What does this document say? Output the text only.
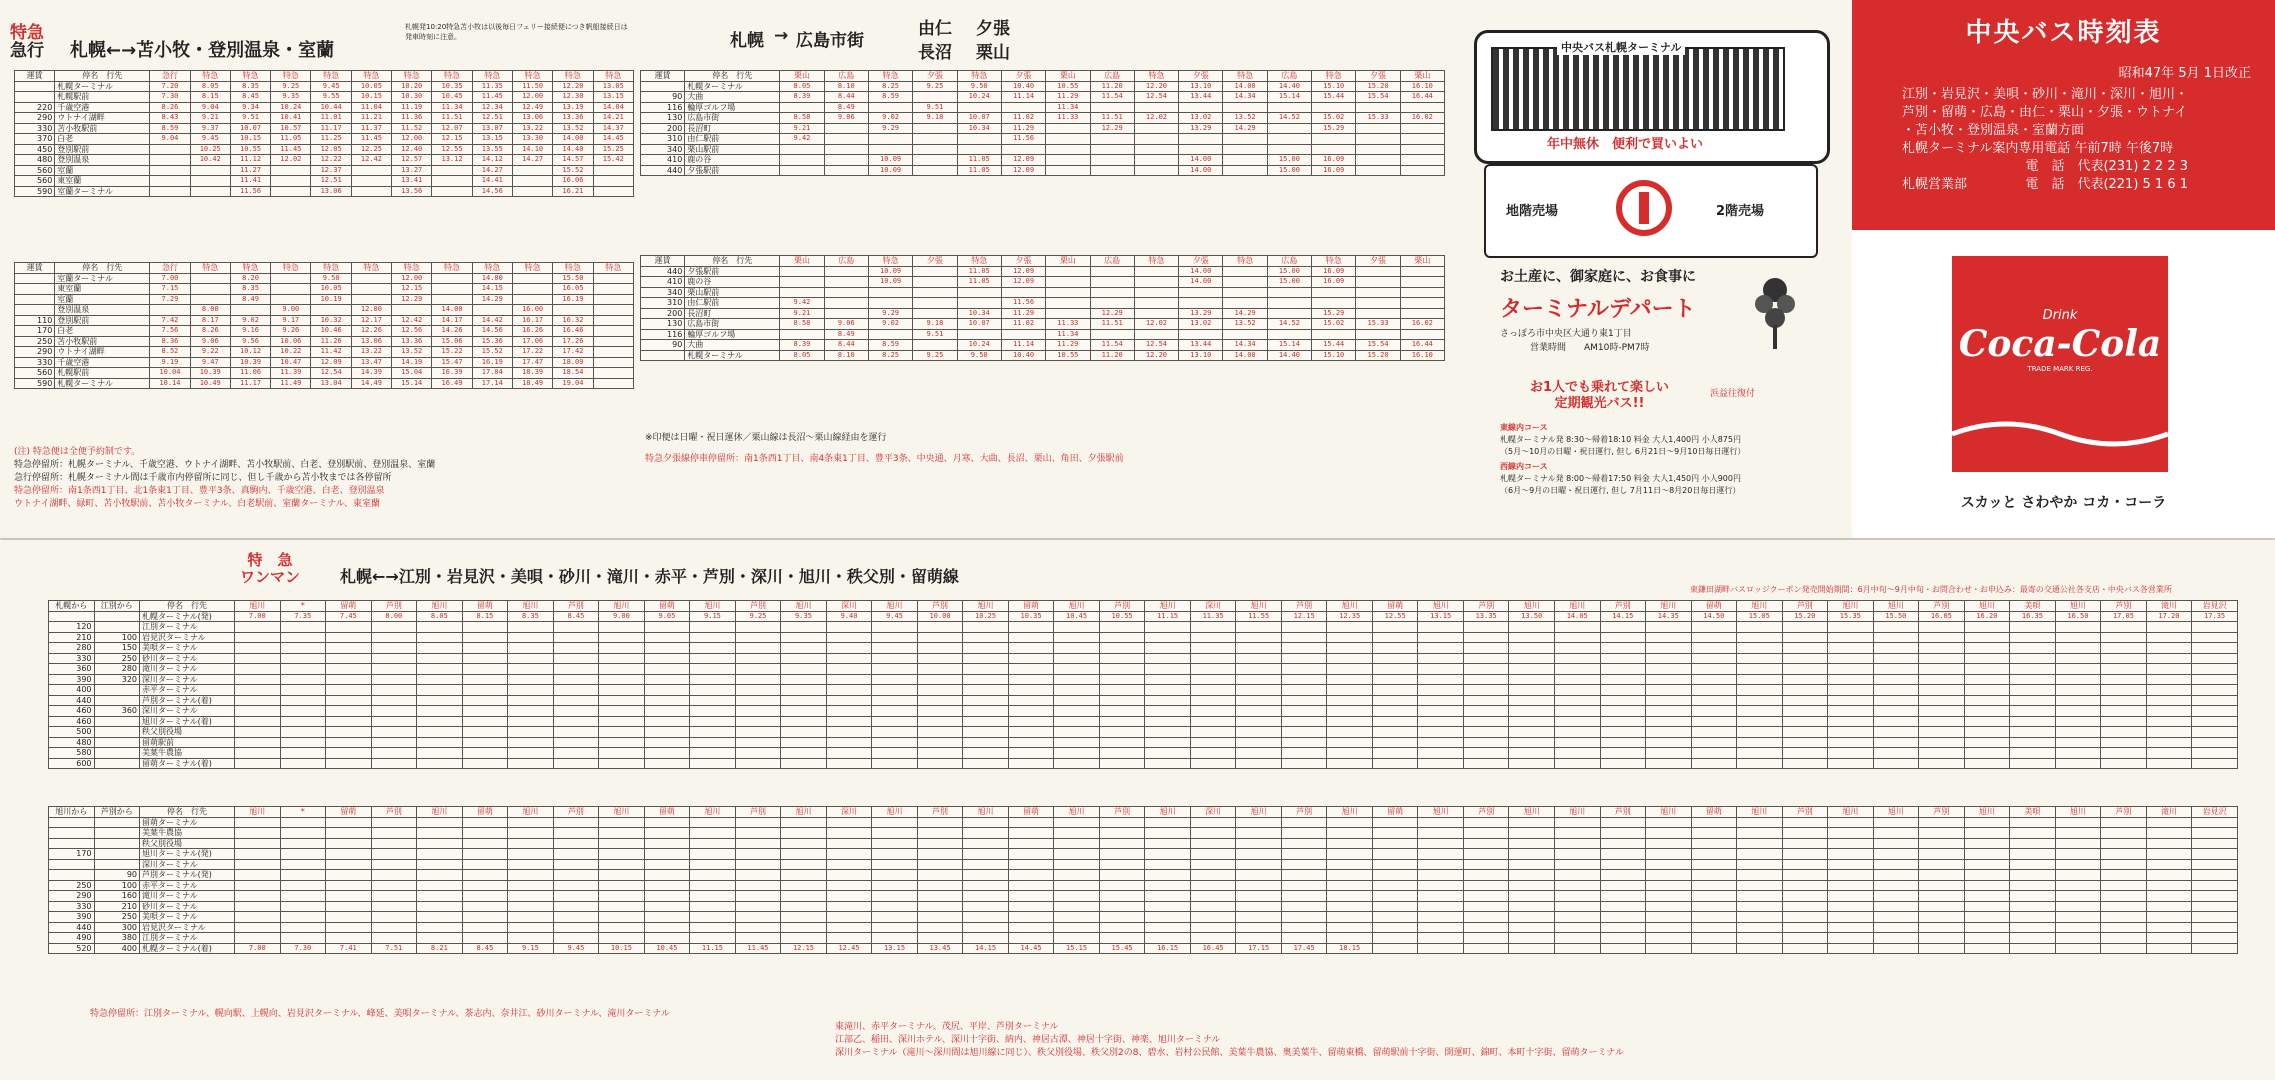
特急
急行 札幌←→苫小牧・登別温泉・室蘭
札幌発10:20特急苫小牧は以後毎日フェリー接続便につき帆船接続日は発車時刻に注意。
運賃	停名　行先	急行	特急	特急	特急	特急	特急	特急	特急	特急	特急	特急	特急
	札幌ターミナル	7.20	8.05	8.35	9.25	9.45	10.05	10.20	10.35	11.35	11.50	12.20	13.05
	札幌駅前	7.30	8.15	8.45	9.35	9.55	10.15	10.30	10.45	11.45	12.00	12.30	13.15
220	千歳空港	8.26	9.04	9.34	10.24	10.44	11.04	11.19	11.34	12.34	12.49	13.19	14.04
290	ウトナイ湖畔	8.43	9.21	9.51	10.41	11.01	11.21	11.36	11.51	12.51	13.06	13.36	14.21
330	苫小牧駅前	8.59	9.37	10.07	10.57	11.17	11.37	11.52	12.07	13.07	13.22	13.52	14.37
370	白老	9.04	9.45	10.15	11.05	11.25	11.45	12.00	12.15	13.15	13.30	14.00	14.45
450	登別駅前		10.25	10.55	11.45	12.05	12.25	12.40	12.55	13.55	14.10	14.40	15.25
480	登別温泉		10.42	11.12	12.02	12.22	12.42	12.57	13.12	14.12	14.27	14.57	15.42
560	室蘭			11.27		12.37		13.27		14.27		15.52	
560	東室蘭			11.41		12.51		13.41		14.41		16.06	
590	室蘭ターミナル			11.56		13.06		13.56		14.56		16.21	
運賃	停名　行先	急行	特急	特急	特急	特急	特急	特急	特急	特急	特急	特急	特急
	室蘭ターミナル	7.00		8.20		9.50		12.00		14.00		15.50	
	東室蘭	7.15		8.35		10.05		12.15		14.15		16.05	
	室蘭	7.29		8.49		10.19		12.29		14.29		16.19	
	登別温泉		8.00		9.00		12.00		14.00		16.00		
110	登別駅前	7.42	8.17	9.02	9.17	10.32	12.17	12.42	14.17	14.42	16.17	16.32	
170	白老	7.56	8.26	9.16	9.26	10.46	12.26	12.56	14.26	14.56	16.26	16.46	
250	苫小牧駅前	8.36	9.06	9.56	10.06	11.26	13.06	13.36	15.06	15.36	17.06	17.26	
290	ウトナイ湖畔	8.52	9.22	10.12	10.22	11.42	13.22	13.52	15.22	15.52	17.22	17.42	
330	千歳空港	9.19	9.47	10.39	10.47	12.09	13.47	14.19	15.47	16.19	17.47	18.09	
560	札幌駅前	10.04	10.39	11.06	11.39	12.54	14.39	15.04	16.39	17.04	18.39	18.54	
590	札幌ターミナル	10.14	10.49	11.17	11.49	13.04	14.49	15.14	16.49	17.14	18.49	19.04	
(注) 特急便は全便予約制です。
特急停留所：札幌ターミナル、千歳空港、ウトナイ湖畔、苫小牧駅前、白老、登別駅前、登別温泉、室蘭
急行停留所：札幌ターミナル間は千歳市内停留所に同じ、但し千歳から苫小牧までは各停留所
特急停留所：南1条西1丁目、北1条東1丁目、豊平3条、真駒内、千歳空港、白老、登別温泉
ウトナイ湖畔、緑町、苫小牧駅前、苫小牧ターミナル、白老駅前、室蘭ターミナル、東室蘭
札幌 → 広島市街
由仁 夕張
長沼 栗山
運賃	停名　行先	栗山	広島	特急	夕張	特急	夕張	栗山	広島	特急	夕張	特急	広島	特急	夕張	栗山
	札幌ターミナル	8.05	8.10	8.25	9.25	9.50	10.40	10.55	11.20	12.20	13.10	14.00	14.40	15.10	15.20	16.10
90	大曲	8.39	8.44	8.59		10.24	11.14	11.29	11.54	12.54	13.44	14.34	15.14	15.44	15.54	16.44
116	輪厚ゴルフ場		8.49		9.51			11.34								
130	広島市街	8.58	9.06	9.02	9.18	10.07	11.02	11.33	11.51	12.02	13.02	13.52	14.52	15.02	15.33	16.02
200	長沼町	9.21		9.29		10.34	11.29		12.29		13.29	14.29		15.29		
310	由仁駅前	9.42					11.56									
340	栗山駅前															
410	鹿の谷			10.09		11.05	12.09				14.00		15.00	16.09		
440	夕張駅前			10.09		11.05	12.09				14.00		15.00	16.09		
運賃	停名　行先	栗山	広島	特急	夕張	特急	夕張	栗山	広島	特急	夕張	特急	広島	特急	夕張	栗山
440	夕張駅前			10.09		11.05	12.09				14.00		15.00	16.09		
410	鹿の谷			10.09		11.05	12.09				14.00		15.00	16.09		
340	栗山駅前															
310	由仁駅前	9.42					11.56									
200	長沼町	9.21		9.29		10.34	11.29		12.29		13.29	14.29		15.29		
130	広島市街	8.58	9.06	9.02	9.18	10.07	11.02	11.33	11.51	12.02	13.02	13.52	14.52	15.02	15.33	16.02
116	輪厚ゴルフ場		8.49		9.51			11.34								
90	大曲	8.39	8.44	8.59		10.24	11.14	11.29	11.54	12.54	13.44	14.34	15.14	15.44	15.54	16.44
	札幌ターミナル	8.05	8.10	8.25	9.25	9.50	10.40	10.55	11.20	12.20	13.10	14.00	14.40	15.10	15.20	16.10
※印便は日曜・祝日運休／栗山線は長沼〜栗山線経由を運行
特急夕張線停車停留所：南1条西1丁目、南4条東1丁目、豊平3条、中央通、月寒、大曲、長沼、栗山、角田、夕張駅前
中央バス札幌ターミナル
年中無休　便利で買いよい
地階売場	2階売場
お土産に、御家庭に、お食事に
ターミナルデパート
さっぽろ市中央区大通り東1丁目
営業時間　　AM10時-PM7時
お1人でも乗れて楽しい
定期観光バス!!
浜益往復付
東線内コース
札幌ターミナル発 8:30〜帰着18:10 料金 大人1,400円 小人875円
（5月〜10月の日曜・祝日運行, 但し 6月21日〜9月10日毎日運行）
西線内コース
札幌ターミナル発 8:00〜帰着17:50 料金 大人1,450円 小人900円
（6月〜9月の日曜・祝日運行, 但し 7月11日〜8月20日毎日運行）
中央バス時刻表
昭和47年 5月 1日改正
江別・岩見沢・美唄・砂川・滝川・深川・旭川・
芦別・留萌・広島・由仁・栗山・夕張・ウトナイ
・苫小牧・登別温泉・室蘭方面
札幌ターミナル案内専用電話 午前7時 午後7時
電　話　代表(231) 2 2 2 3
札幌営業部	電　話　代表(221) 5 1 6 1
Drink
Coca-Cola
TRADE MARK REG.
スカッと さわやか コカ・コーラ
特　急
ワンマン 札幌←→江別・岩見沢・美唄・砂川・滝川・赤平・芦別・深川・旭川・秩父別・留萌線
東鎌田湖畔バスロッジクーポン発売開始期間：6月中旬〜9月中旬・お問合わせ・お申込み：最寄の交通公社各支店・中央バス各営業所
札幌から	江別から	停名　行先	旭川	*	留萌	芦別	旭川	留萌	旭川	芦別	旭川	留萌	旭川	芦別	旭川	深川	旭川	芦別	旭川	留萌	旭川	芦別	旭川	深川	旭川	芦別	旭川	留萌	旭川	芦別	旭川	旭川	芦別	旭川	留萌	旭川	芦別	旭川	旭川	芦別	旭川	美唄	旭川	芦別	滝川	岩見沢
		札幌ターミナル(発)	7.00	7.35	7.45	8.00	8.05	8.15	8.35	8.45	9.00	9.05	9.15	9.25	9.35	9.40	9.45	10.00	10.25	10.35	10.45	10.55	11.15	11.35	11.55	12.15	12.35	12.55	13.15	13.35	13.50	14.05	14.15	14.35	14.50	15.05	15.20	15.35	15.50	16.05	16.20	16.35	16.50	17.05	17.20	17.35
120		江別ターミナル																																												
210	100	岩見沢ターミナル																																												
280	150	美唄ターミナル																																												
330	250	砂川ターミナル																																												
360	280	滝川ターミナル																																												
390	320	深川ターミナル																																												
400		赤平ターミナル																																												
440		芦別ターミナル(着)																																												
460	360	深川ターミナル																																												
460		旭川ターミナル(着)																																												
500		秩父別役場																																												
480		留萌駅前																																												
580		美葉牛農協																																												
600		留萌ターミナル(着)																																												
旭川から	芦別から	停名　行先	旭川	*	留萌	芦別	旭川	留萌	旭川	芦別	旭川	留萌	旭川	芦別	旭川	深川	旭川	芦別	旭川	留萌	旭川	芦別	旭川	深川	旭川	芦別	旭川	留萌	旭川	芦別	旭川	旭川	芦別	旭川	留萌	旭川	芦別	旭川	旭川	芦別	旭川	美唄	旭川	芦別	滝川	岩見沢
		留萌ターミナル																																												
		美葉牛農協																																												
		秩父別役場																																												
170		旭川ターミナル(発)																																												
		深川ターミナル																																												
	90	芦別ターミナル(発)																																												
250	100	赤平ターミナル																																												
290	160	滝川ターミナル																																												
330	210	砂川ターミナル																																												
390	250	美唄ターミナル																																												
440	300	岩見沢ターミナル																																												
490	380	江別ターミナル																																												
520	400	札幌ターミナル(着)	7.00	7.30	7.41	7.51	8.21	8.45	9.15	9.45	10.15	10.45	11.15	11.45	12.15	12.45	13.15	13.45	14.15	14.45	15.15	15.45	16.15	16.45	17.15	17.45	18.15																			
特急停留所：江別ターミナル、幌向駅、上幌向、岩見沢ターミナル、峰延、美唄ターミナル、茶志内、奈井江、砂川ターミナル、滝川ターミナル
東滝川、赤平ターミナル、茂尻、平岸、芦別ターミナル
江部乙、稲田、深川ホテル、深川十字街、納内、神居古潭、神居十字街、神楽、旭川ターミナル
深川ターミナル（滝川〜深川間は旭川線に同じ）、秩父別役場、秩父別2の8、碧水、岩村公民館、美葉牛農協、奥美葉牛、留萌東橋、留萌駅前十字街、開運町、錦町、本町十字街、留萌ターミナル
